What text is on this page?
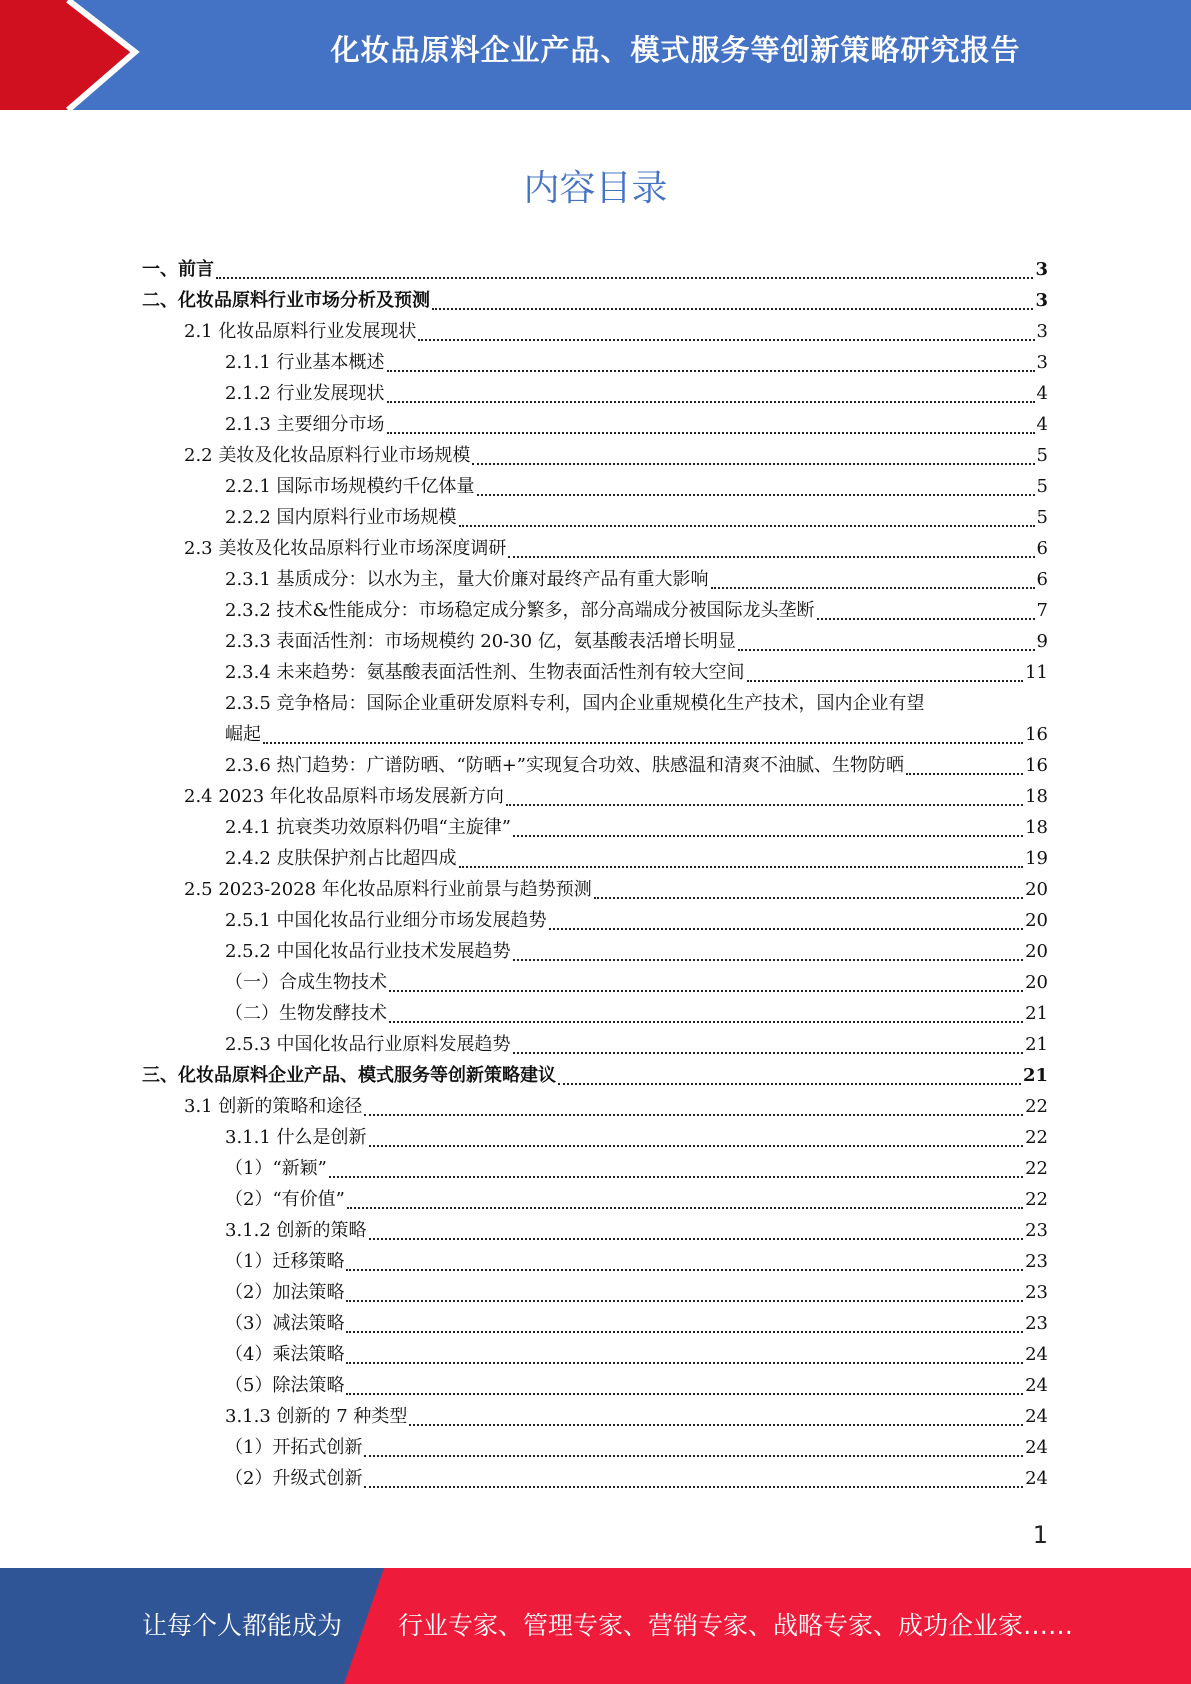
化妆品原料企业产品、模式服务等创新策略研究报告
内容目录
一、前言	3
二、化妆品原料行业市场分析及预测	3
2.1 化妆品原料行业发展现状	3
2.1.1 行业基本概述	3
2.1.2 行业发展现状	4
2.1.3 主要细分市场	4
2.2 美妆及化妆品原料行业市场规模	5
2.2.1 国际市场规模约千亿体量	5
2.2.2 国内原料行业市场规模	5
2.3 美妆及化妆品原料行业市场深度调研	6
2.3.1 基质成分：以水为主，量大价廉对最终产品有重大影响	6
2.3.2 技术&性能成分：市场稳定成分繁多，部分高端成分被国际龙头垄断	7
2.3.3 表面活性剂：市场规模约 20-30 亿，氨基酸表活增长明显	9
2.3.4 未来趋势：氨基酸表面活性剂、生物表面活性剂有较大空间	11
2.3.5 竞争格局：国际企业重研发原料专利，国内企业重规模化生产技术，国内企业有望
崛起	16
2.3.6 热门趋势：广谱防晒、“防晒+”实现复合功效、肤感温和清爽不油腻、生物防晒	16
2.4 2023 年化妆品原料市场发展新方向	18
2.4.1 抗衰类功效原料仍唱“主旋律”	18
2.4.2 皮肤保护剂占比超四成	19
2.5 2023-2028 年化妆品原料行业前景与趋势预测	20
2.5.1 中国化妆品行业细分市场发展趋势	20
2.5.2 中国化妆品行业技术发展趋势	20
（一）合成生物技术	20
（二）生物发酵技术	21
2.5.3 中国化妆品行业原料发展趋势	21
三、化妆品原料企业产品、模式服务等创新策略建议	21
3.1 创新的策略和途径	22
3.1.1 什么是创新	22
（1）“新颖”	22
（2）“有价值”	22
3.1.2 创新的策略	23
（1）迁移策略	23
（2）加法策略	23
（3）减法策略	23
（4）乘法策略	24
（5）除法策略	24
3.1.3 创新的 7 种类型	24
（1）开拓式创新	24
（2）升级式创新	24
1
让每个人都能成为 行业专家、管理专家、营销专家、战略专家、成功企业家……
